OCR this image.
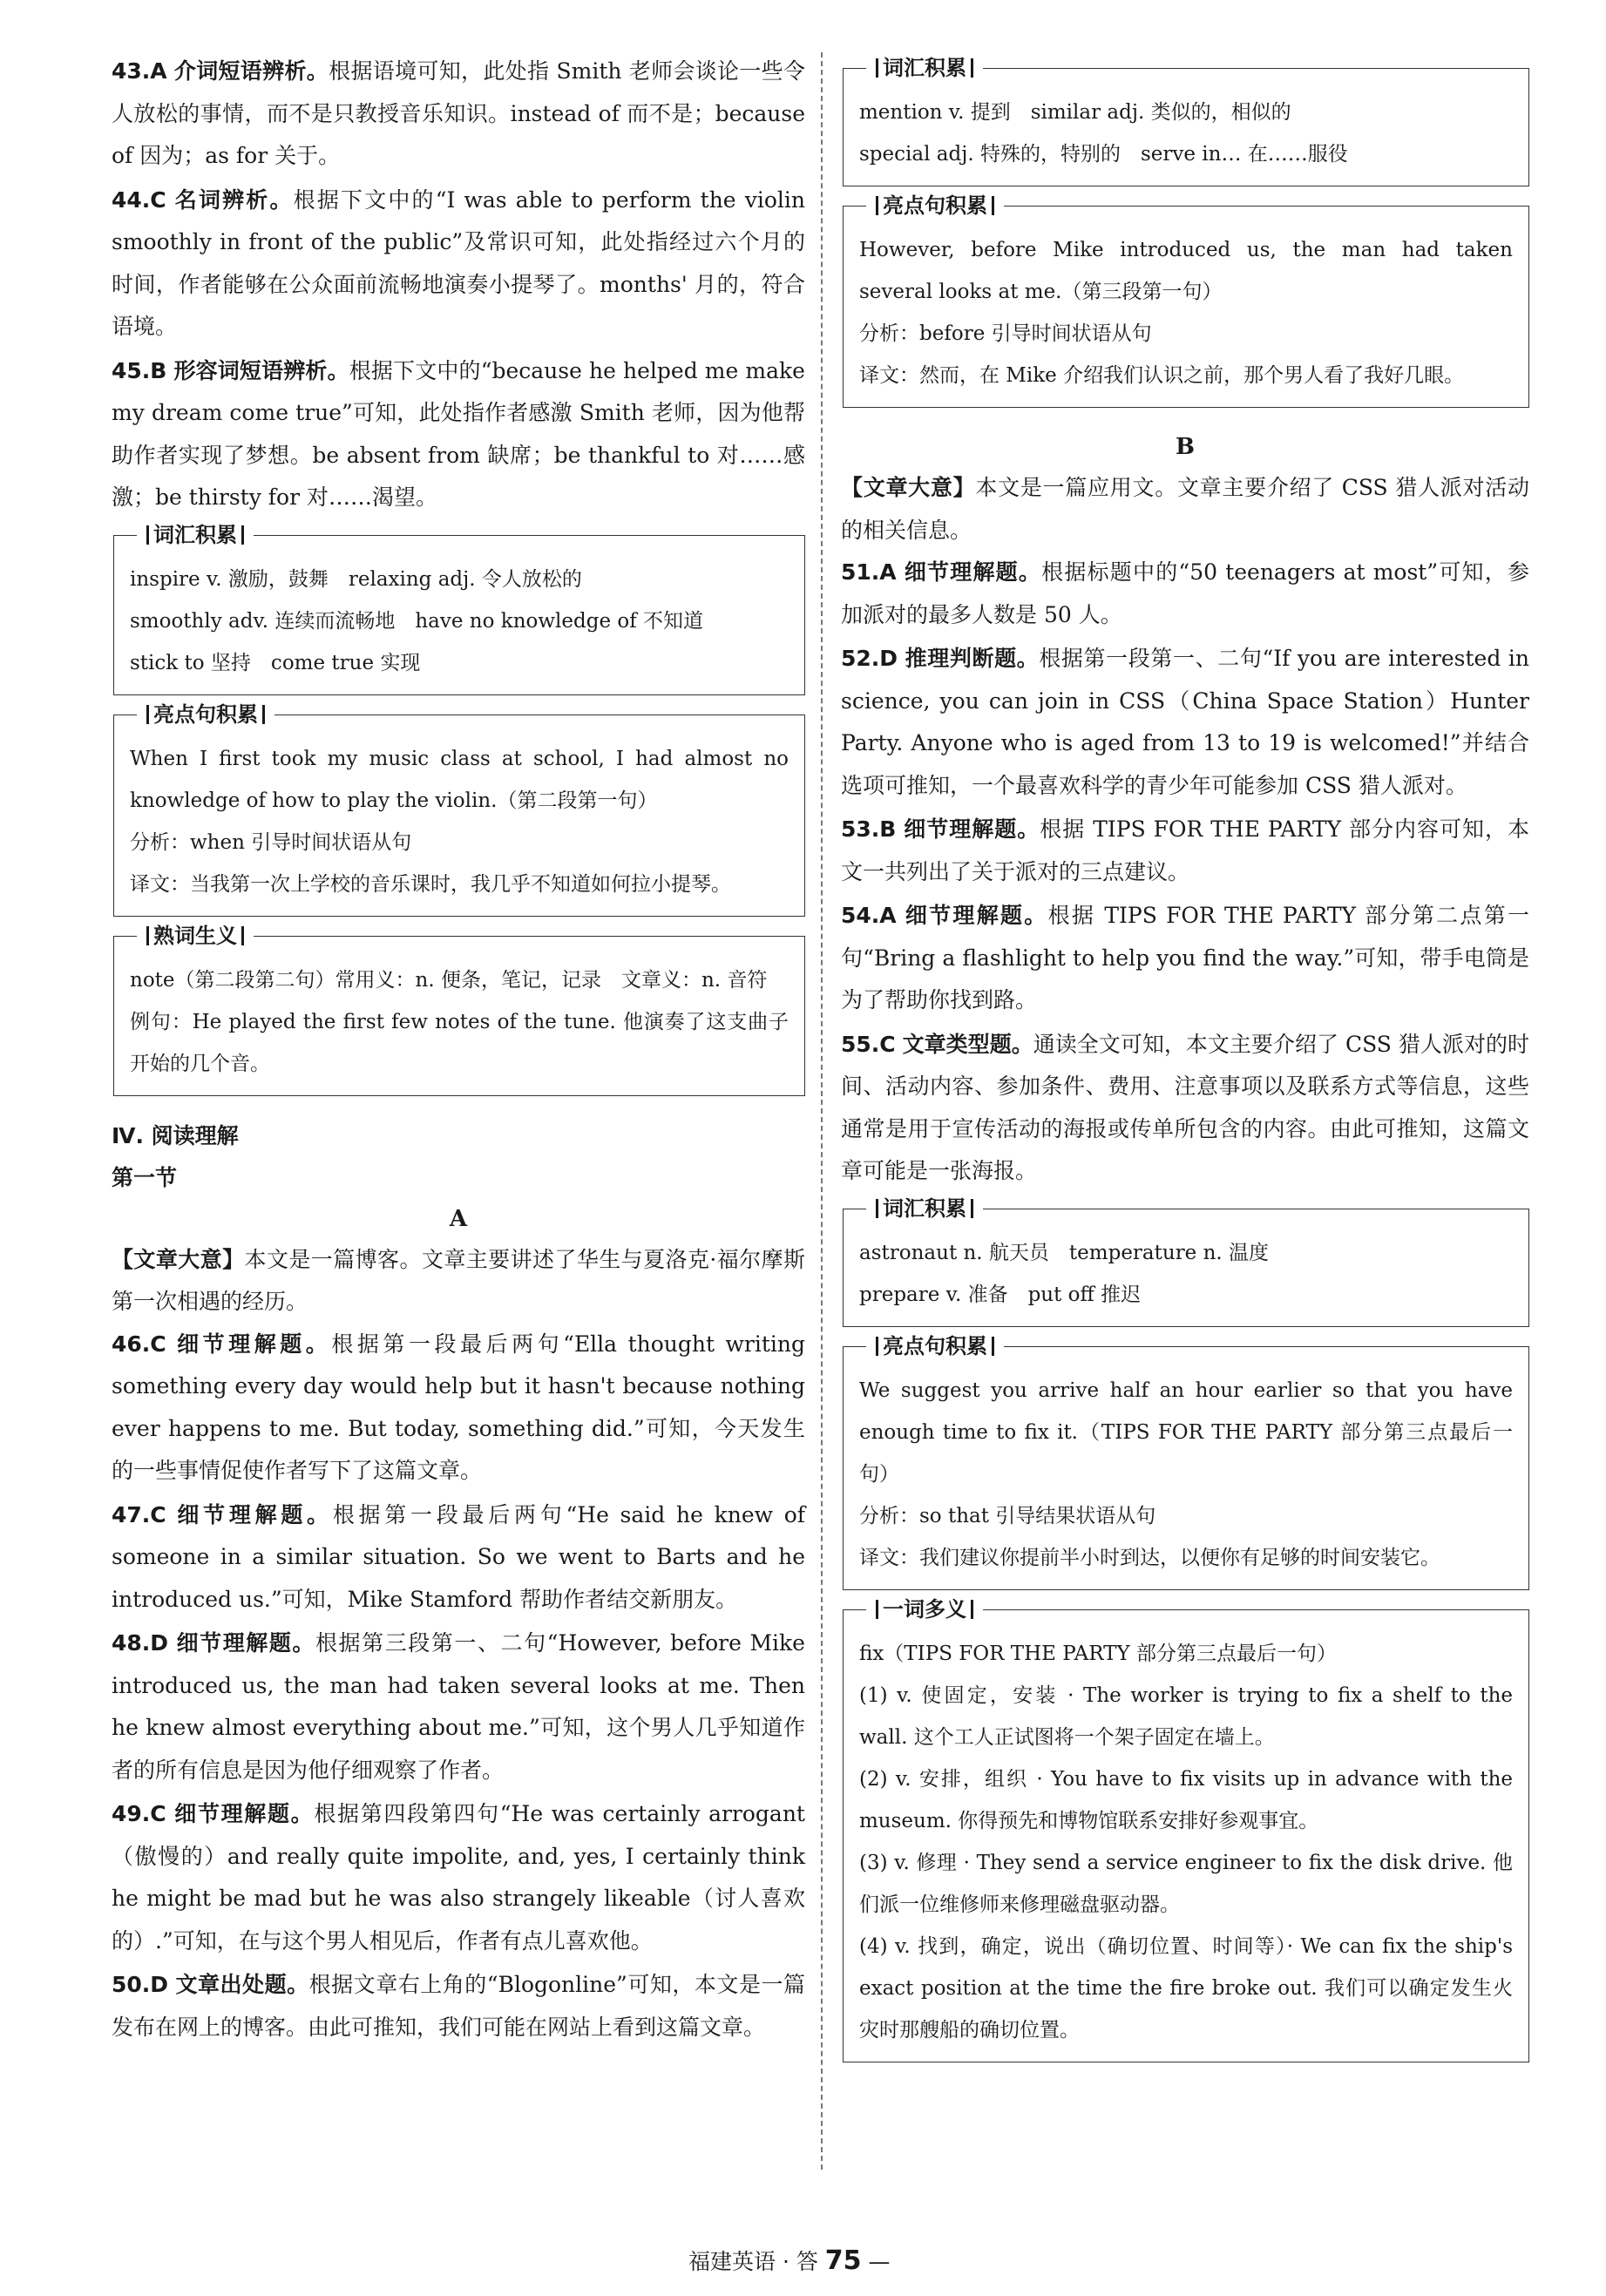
43.A 介词短语辨析。根据语境可知，此处指 Smith 老师会谈论一些令人放松的事情，而不是只教授音乐知识。instead of 而不是；because of 因为；as for 关于。

44.C 名词辨析。根据下文中的“I was able to perform the violin smoothly in front of the public”及常识可知，此处指经过六个月的时间，作者能够在公众面前流畅地演奏小提琴了。months' 月的，符合语境。

45.B 形容词短语辨析。根据下文中的“because he helped me make my dream come true”可知，此处指作者感激 Smith 老师，因为他帮助作者实现了梦想。be absent from 缺席；be thankful to 对……感激；be thirsty for 对……渴望。

词汇积累

inspire v. 激励，鼓舞　relaxing adj. 令人放松的

smoothly adv. 连续而流畅地　have no knowledge of 不知道

stick to 坚持　come true 实现

亮点句积累

When I first took my music class at school, I had almost no knowledge of how to play the violin.（第二段第一句）

分析：when 引导时间状语从句

译文：当我第一次上学校的音乐课时，我几乎不知道如何拉小提琴。

熟词生义

note（第二段第二句）常用义：n. 便条，笔记，记录　文章义：n. 音符

例句：He played the first few notes of the tune. 他演奏了这支曲子开始的几个音。

Ⅳ. 阅读理解

第一节

A

【文章大意】本文是一篇博客。文章主要讲述了华生与夏洛克·福尔摩斯第一次相遇的经历。

46.C 细节理解题。根据第一段最后两句“Ella thought writing something every day would help but it hasn't because nothing ever happens to me. But today, something did.”可知，今天发生的一些事情促使作者写下了这篇文章。

47.C 细节理解题。根据第一段最后两句“He said he knew of someone in a similar situation. So we went to Barts and he introduced us.”可知，Mike Stamford 帮助作者结交新朋友。

48.D 细节理解题。根据第三段第一、二句“However, before Mike introduced us, the man had taken several looks at me. Then he knew almost everything about me.”可知，这个男人几乎知道作者的所有信息是因为他仔细观察了作者。

49.C 细节理解题。根据第四段第四句“He was certainly arrogant（傲慢的）and really quite impolite, and, yes, I certainly think he might be mad but he was also strangely likeable（讨人喜欢的）.”可知，在与这个男人相见后，作者有点儿喜欢他。

50.D 文章出处题。根据文章右上角的“Blogonline”可知，本文是一篇发布在网上的博客。由此可推知，我们可能在网站上看到这篇文章。

词汇积累

mention v. 提到　similar adj. 类似的，相似的

special adj. 特殊的，特别的　serve in… 在……服役

亮点句积累

However, before Mike introduced us, the man had taken several looks at me.（第三段第一句）

分析：before 引导时间状语从句

译文：然而，在 Mike 介绍我们认识之前，那个男人看了我好几眼。

B

【文章大意】本文是一篇应用文。文章主要介绍了 CSS 猎人派对活动的相关信息。

51.A 细节理解题。根据标题中的“50 teenagers at most”可知，参加派对的最多人数是 50 人。

52.D 推理判断题。根据第一段第一、二句“If you are interested in science, you can join in CSS（China Space Station）Hunter Party. Anyone who is aged from 13 to 19 is welcomed!”并结合选项可推知，一个最喜欢科学的青少年可能参加 CSS 猎人派对。

53.B 细节理解题。根据 TIPS FOR THE PARTY 部分内容可知，本文一共列出了关于派对的三点建议。

54.A 细节理解题。根据 TIPS FOR THE PARTY 部分第二点第一句“Bring a flashlight to help you find the way.”可知，带手电筒是为了帮助你找到路。

55.C 文章类型题。通读全文可知，本文主要介绍了 CSS 猎人派对的时间、活动内容、参加条件、费用、注意事项以及联系方式等信息，这些通常是用于宣传活动的海报或传单所包含的内容。由此可推知，这篇文章可能是一张海报。

词汇积累

astronaut n. 航天员　temperature n. 温度

prepare v. 准备　put off 推迟

亮点句积累

We suggest you arrive half an hour earlier so that you have enough time to fix it.（TIPS FOR THE PARTY 部分第三点最后一句）

分析：so that 引导结果状语从句

译文：我们建议你提前半小时到达，以便你有足够的时间安装它。

一词多义

fix（TIPS FOR THE PARTY 部分第三点最后一句）

(1) v. 使固定，安装 · The worker is trying to fix a shelf to the wall. 这个工人正试图将一个架子固定在墙上。

(2) v. 安排，组织 · You have to fix visits up in advance with the museum. 你得预先和博物馆联系安排好参观事宜。

(3) v. 修理 · They send a service engineer to fix the disk drive. 他们派一位维修师来修理磁盘驱动器。

(4) v. 找到，确定，说出（确切位置、时间等）· We can fix the ship's exact position at the time the fire broke out. 我们可以确定发生火灾时那艘船的确切位置。

福建英语 · 答 75 —
